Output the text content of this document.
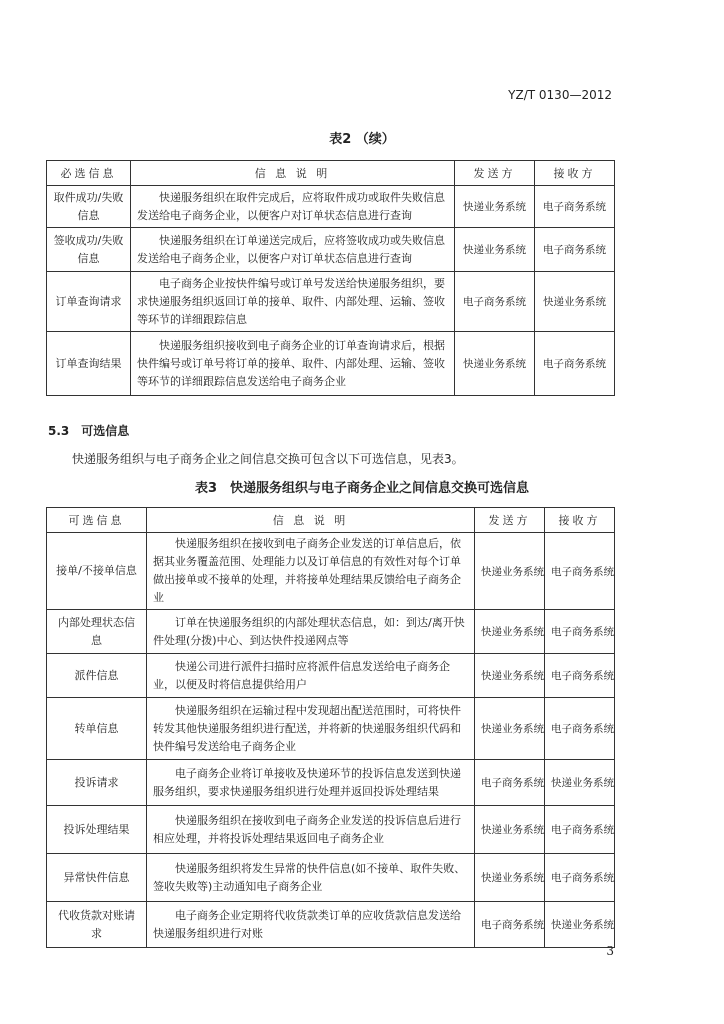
YZ/T 0130—2012
表2 （续）
必选信息	信 息 说 明	发送方	接收方
取件成功/失败信息	快递服务组织在取件完成后，应将取件成功或取件失败信息发送给电子商务企业，以便客户对订单状态信息进行查询	快递业务系统	电子商务系统
签收成功/失败信息	快递服务组织在订单递送完成后，应将签收成功或失败信息发送给电子商务企业，以便客户对订单状态信息进行查询	快递业务系统	电子商务系统
订单查询请求	电子商务企业按快件编号或订单号发送给快递服务组织，要求快递服务组织返回订单的接单、取件、内部处理、运输、签收等环节的详细跟踪信息	电子商务系统	快递业务系统
订单查询结果	快递服务组织接收到电子商务企业的订单查询请求后，根据快件编号或订单号将订单的接单、取件、内部处理、运输、签收等环节的详细跟踪信息发送给电子商务企业	快递业务系统	电子商务系统
5.3　可选信息
快递服务组织与电子商务企业之间信息交换可包含以下可选信息，见表3。
表3　快递服务组织与电子商务企业之间信息交换可选信息
可选信息	信 息 说 明	发送方	接收方
接单/不接单信息	快递服务组织在接收到电子商务企业发送的订单信息后，依据其业务覆盖范围、处理能力以及订单信息的有效性对每个订单做出接单或不接单的处理，并将接单处理结果反馈给电子商务企业	快递业务系统	电子商务系统
内部处理状态信息	订单在快递服务组织的内部处理状态信息，如：到达/离开快件处理(分拨)中心、到达快件投递网点等	快递业务系统	电子商务系统
派件信息	快递公司进行派件扫描时应将派件信息发送给电子商务企业，以便及时将信息提供给用户	快递业务系统	电子商务系统
转单信息	快递服务组织在运输过程中发现超出配送范围时，可将快件转发其他快递服务组织进行配送，并将新的快递服务组织代码和快件编号发送给电子商务企业	快递业务系统	电子商务系统
投诉请求	电子商务企业将订单接收及快递环节的投诉信息发送到快递服务组织，要求快递服务组织进行处理并返回投诉处理结果	电子商务系统	快递业务系统
投诉处理结果	快递服务组织在接收到电子商务企业发送的投诉信息后进行相应处理，并将投诉处理结果返回电子商务企业	快递业务系统	电子商务系统
异常快件信息	快递服务组织将发生异常的快件信息(如不接单、取件失败、签收失败等)主动通知电子商务企业	快递业务系统	电子商务系统
代收货款对账请求	电子商务企业定期将代收货款类订单的应收货款信息发送给快递服务组织进行对账	电子商务系统	快递业务系统
3
